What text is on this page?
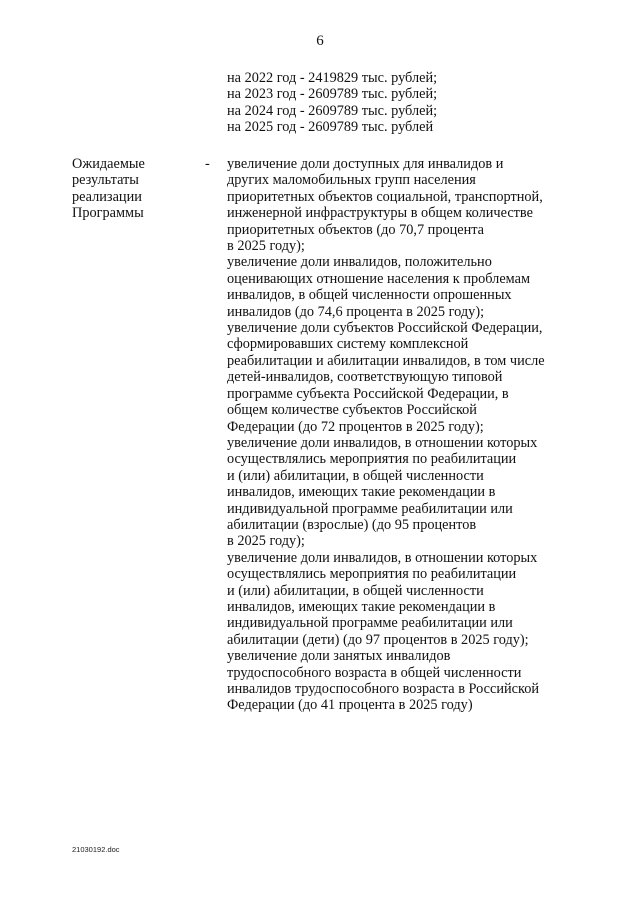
6
на 2022 год - 2419829 тыс. рублей;
на 2023 год - 2609789 тыс. рублей;
на 2024 год - 2609789 тыс. рублей;
на 2025 год - 2609789 тыс. рублей
Ожидаемые
результаты
реализации
Программы
- увеличение доли доступных для инвалидов и
других маломобильных групп населения
приоритетных объектов социальной, транспортной,
инженерной инфраструктуры в общем количестве
приоритетных объектов (до 70,7 процента
в 2025 году);
увеличение доли инвалидов, положительно
оценивающих отношение населения к проблемам
инвалидов, в общей численности опрошенных
инвалидов (до 74,6 процента в 2025 году);
увеличение доли субъектов Российской Федерации,
сформировавших систему комплексной
реабилитации и абилитации инвалидов, в том числе
детей-инвалидов, соответствующую типовой
программе субъекта Российской Федерации, в
общем количестве субъектов Российской
Федерации (до 72 процентов в 2025 году);
увеличение доли инвалидов, в отношении которых
осуществлялись мероприятия по реабилитации
и (или) абилитации, в общей численности
инвалидов, имеющих такие рекомендации в
индивидуальной программе реабилитации или
абилитации (взрослые) (до 95 процентов
в 2025 году);
увеличение доли инвалидов, в отношении которых
осуществлялись мероприятия по реабилитации
и (или) абилитации, в общей численности
инвалидов, имеющих такие рекомендации в
индивидуальной программе реабилитации или
абилитации (дети) (до 97 процентов в 2025 году);
увеличение доли занятых инвалидов
трудоспособного возраста в общей численности
инвалидов трудоспособного возраста в Российской
Федерации (до 41 процента в 2025 году)
21030192.doc
